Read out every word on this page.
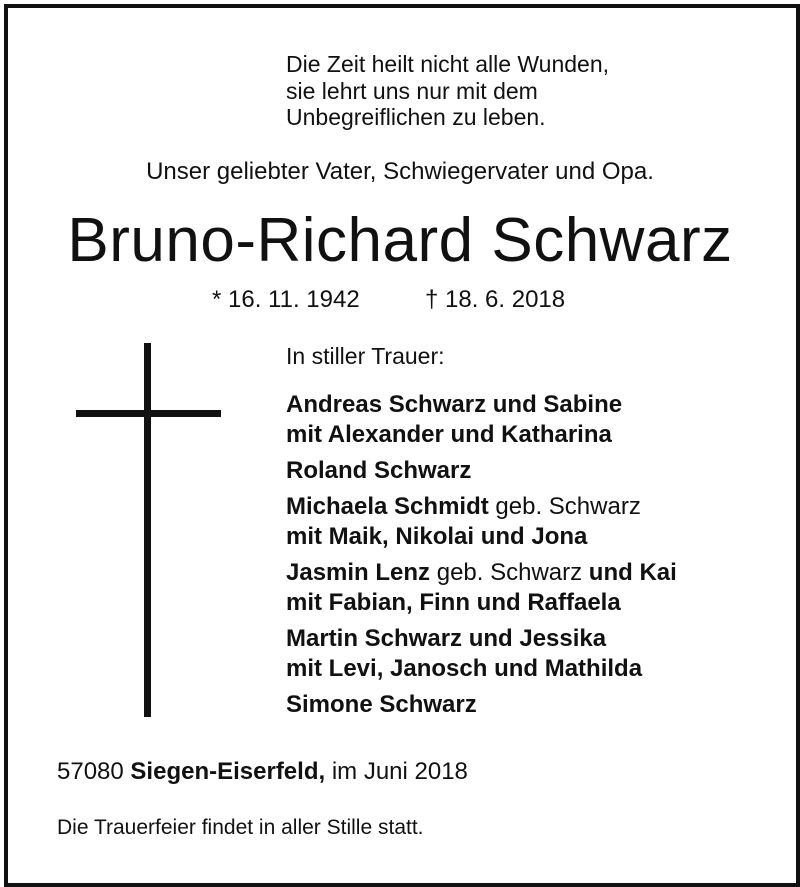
Die Zeit heilt nicht alle Wunden,
sie lehrt uns nur mit dem
Unbegreiflichen zu leben.
Unser geliebter Vater, Schwiegervater und Opa.
Bruno-Richard Schwarz
* 16. 11. 1942	† 18. 6. 2018
In stiller Trauer:
Andreas Schwarz und Sabine
mit Alexander und Katharina
Roland Schwarz
Michaela Schmidt geb. Schwarz
mit Maik, Nikolai und Jona
Jasmin Lenz geb. Schwarz und Kai
mit Fabian, Finn und Raffaela
Martin Schwarz und Jessika
mit Levi, Janosch und Mathilda
Simone Schwarz
57080 Siegen-Eiserfeld, im Juni 2018
Die Trauerfeier findet in aller Stille statt.
